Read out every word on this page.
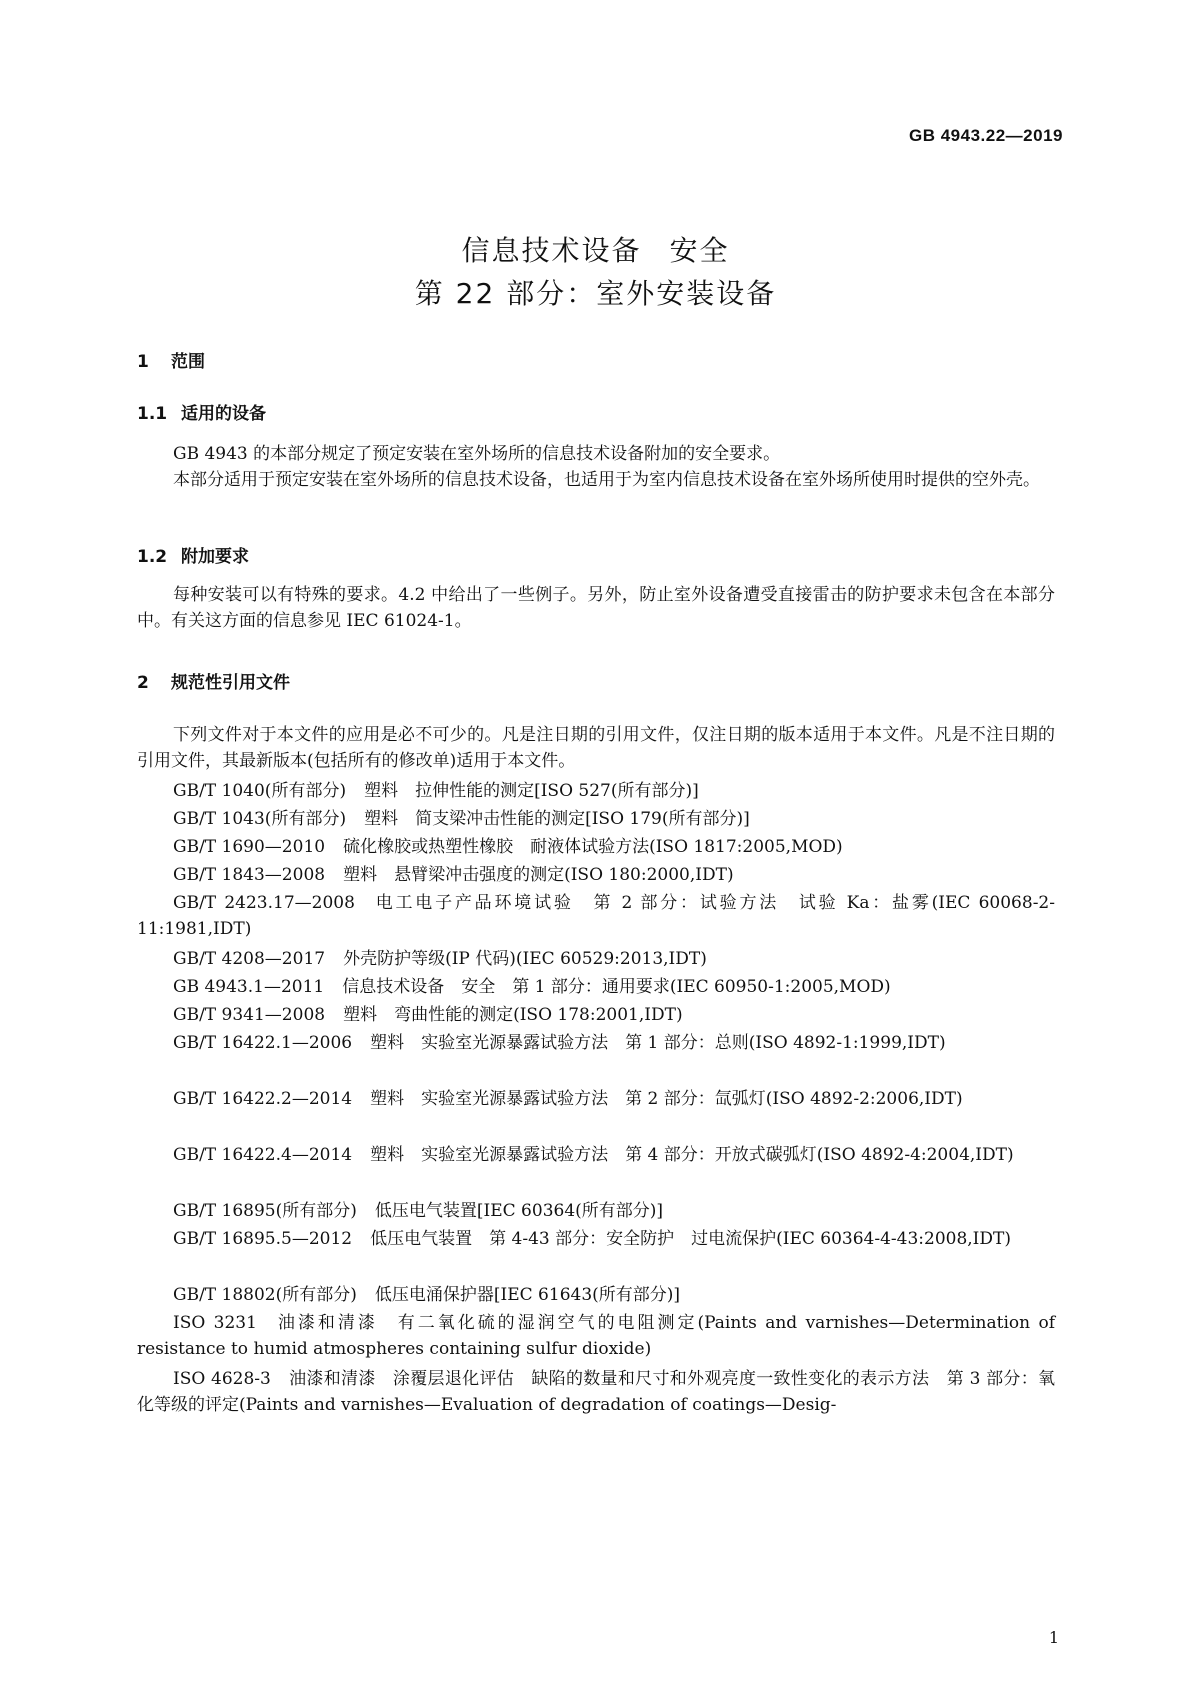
GB 4943.22—2019
信息技术设备 安全
第 22 部分：室外安装设备
1 范围
1.1 适用的设备
GB 4943 的本部分规定了预定安装在室外场所的信息技术设备附加的安全要求。
本部分适用于预定安装在室外场所的信息技术设备，也适用于为室内信息技术设备在室外场所使用时提供的空外壳。
1.2 附加要求
每种安装可以有特殊的要求。4.2 中给出了一些例子。另外，防止室外设备遭受直接雷击的防护要求未包含在本部分中。有关这方面的信息参见 IEC 61024-1。
2 规范性引用文件
下列文件对于本文件的应用是必不可少的。凡是注日期的引用文件，仅注日期的版本适用于本文件。凡是不注日期的引用文件，其最新版本(包括所有的修改单)适用于本文件。
GB/T 1040(所有部分) 塑料　拉伸性能的测定[ISO 527(所有部分)]
GB/T 1043(所有部分) 塑料　简支梁冲击性能的测定[ISO 179(所有部分)]
GB/T 1690—2010 硫化橡胶或热塑性橡胶　耐液体试验方法(ISO 1817:2005,MOD)
GB/T 1843—2008 塑料　悬臂梁冲击强度的测定(ISO 180:2000,IDT)
GB/T 2423.17—2008 电工电子产品环境试验　第 2 部分：试验方法　试验 Ka：盐雾(IEC 60068-2-11:1981,IDT)
GB/T 4208—2017 外壳防护等级(IP 代码)(IEC 60529:2013,IDT)
GB 4943.1—2011 信息技术设备　安全　第 1 部分：通用要求(IEC 60950-1:2005,MOD)
GB/T 9341—2008 塑料　弯曲性能的测定(ISO 178:2001,IDT)
GB/T 16422.1—2006 塑料　实验室光源暴露试验方法　第 1 部分：总则(ISO 4892-1:1999,IDT)
GB/T 16422.2—2014 塑料　实验室光源暴露试验方法　第 2 部分：氙弧灯(ISO 4892-2:2006,IDT)
GB/T 16422.4—2014 塑料　实验室光源暴露试验方法　第 4 部分：开放式碳弧灯(ISO 4892-4:2004,IDT)
GB/T 16895(所有部分) 低压电气装置[IEC 60364(所有部分)]
GB/T 16895.5—2012 低压电气装置　第 4-43 部分：安全防护　过电流保护(IEC 60364-4-43:2008,IDT)
GB/T 18802(所有部分) 低压电涌保护器[IEC 61643(所有部分)]
ISO 3231 油漆和清漆　有二氧化硫的湿润空气的电阻测定(Paints and varnishes—Determination of resistance to humid atmospheres containing sulfur dioxide)
ISO 4628-3 油漆和清漆　涂覆层退化评估　缺陷的数量和尺寸和外观亮度一致性变化的表示方法　第 3 部分：氧化等级的评定(Paints and varnishes—Evaluation of degradation of coatings—Desig-
1
